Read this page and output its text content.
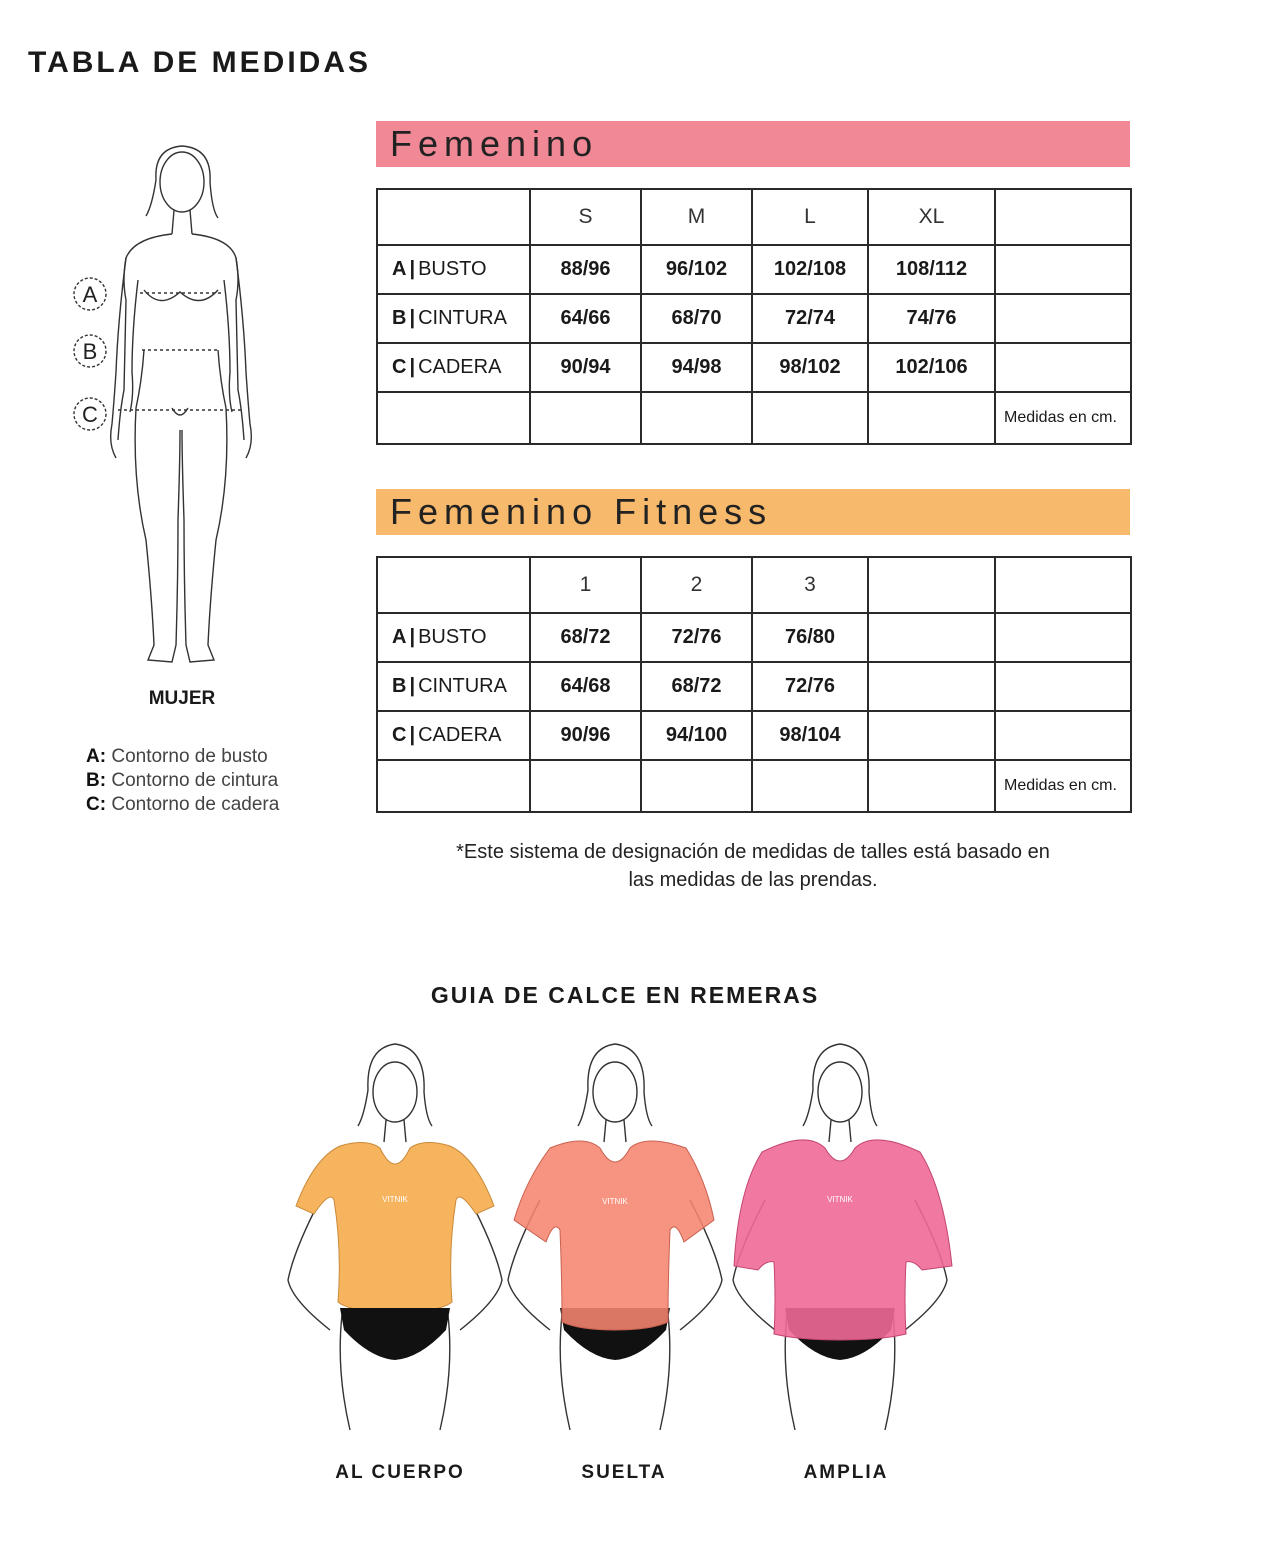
TABLA DE MEDIDAS
A
B
C
MUJER
A: Contorno de busto
B: Contorno de cintura
C: Contorno de cadera
Femenino
	S	M	L	XL	
A | BUSTO	88/96	96/102	102/108	108/112	
B | CINTURA	64/66	68/70	72/74	74/76	
C | CADERA	90/94	94/98	98/102	102/106	
					Medidas en cm.
Femenino Fitness
	1	2	3		
A | BUSTO	68/72	72/76	76/80		
B | CINTURA	64/68	68/72	72/76		
C | CADERA	90/96	94/100	98/104		
					Medidas en cm.
*Este sistema de designación de medidas de talles está basado en
las medidas de las prendas.
GUIA DE CALCE EN REMERAS
VITNIK	VITNIK	VITNIK
AL CUERPO	SUELTA	AMPLIA
